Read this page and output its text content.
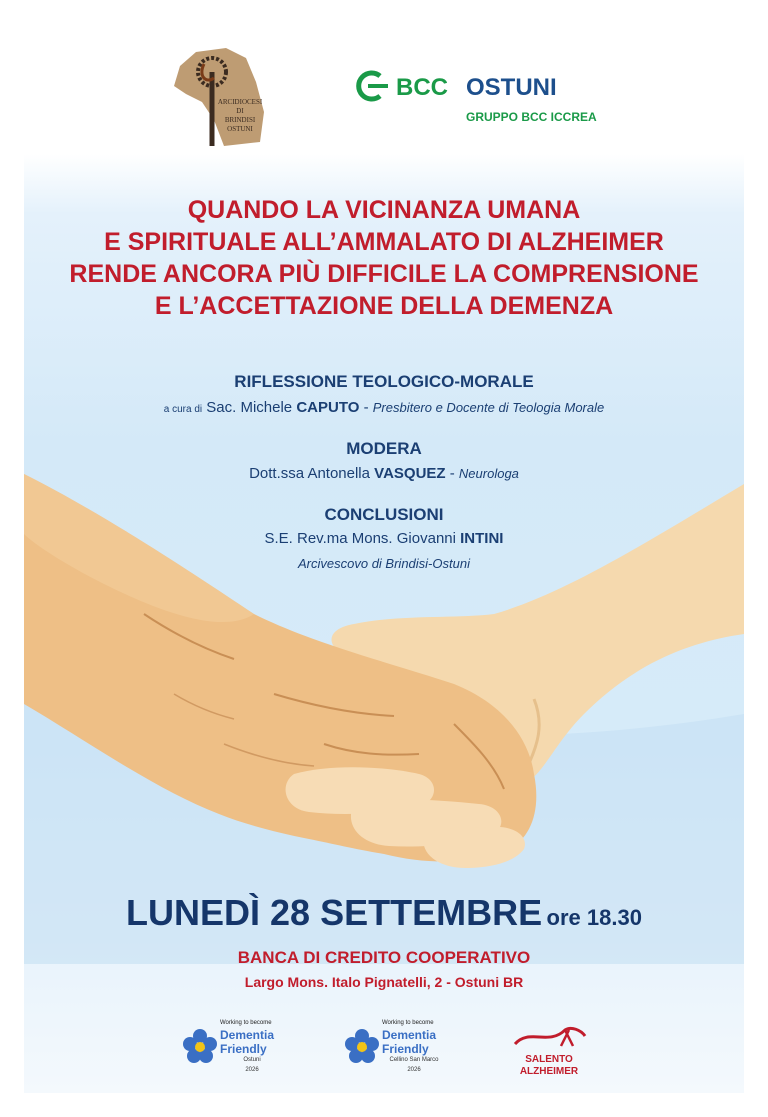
ARCIDIOCESI
DI
BRINDISI
OSTUNI
BCC OSTUNI
GRUPPO BCC ICCREA
QUANDO LA VICINANZA UMANA
E SPIRITUALE ALL’AMMALATO DI ALZHEIMER
RENDE ANCORA PIÙ DIFFICILE LA COMPRENSIONE
E L’ACCETTAZIONE DELLA DEMENZA
RIFLESSIONE TEOLOGICO-MORALE
a cura di Sac. Michele CAPUTO - Presbitero e Docente di Teologia Morale
MODERA
Dott.ssa Antonella VASQUEZ - Neurologa
CONCLUSIONI
S.E. Rev.ma Mons. Giovanni INTINI
Arcivescovo di Brindisi-Ostuni
LUNEDÌ 28 SETTEMBRE ore 18.30
BANCA DI CREDITO COOPERATIVO
Largo Mons. Italo Pignatelli, 2 - Ostuni BR
Working to become
Dementia
Friendly
Ostuni
2026
Working to become
Dementia
Friendly
Cellino San Marco
2026
SALENTO
ALZHEIMER
